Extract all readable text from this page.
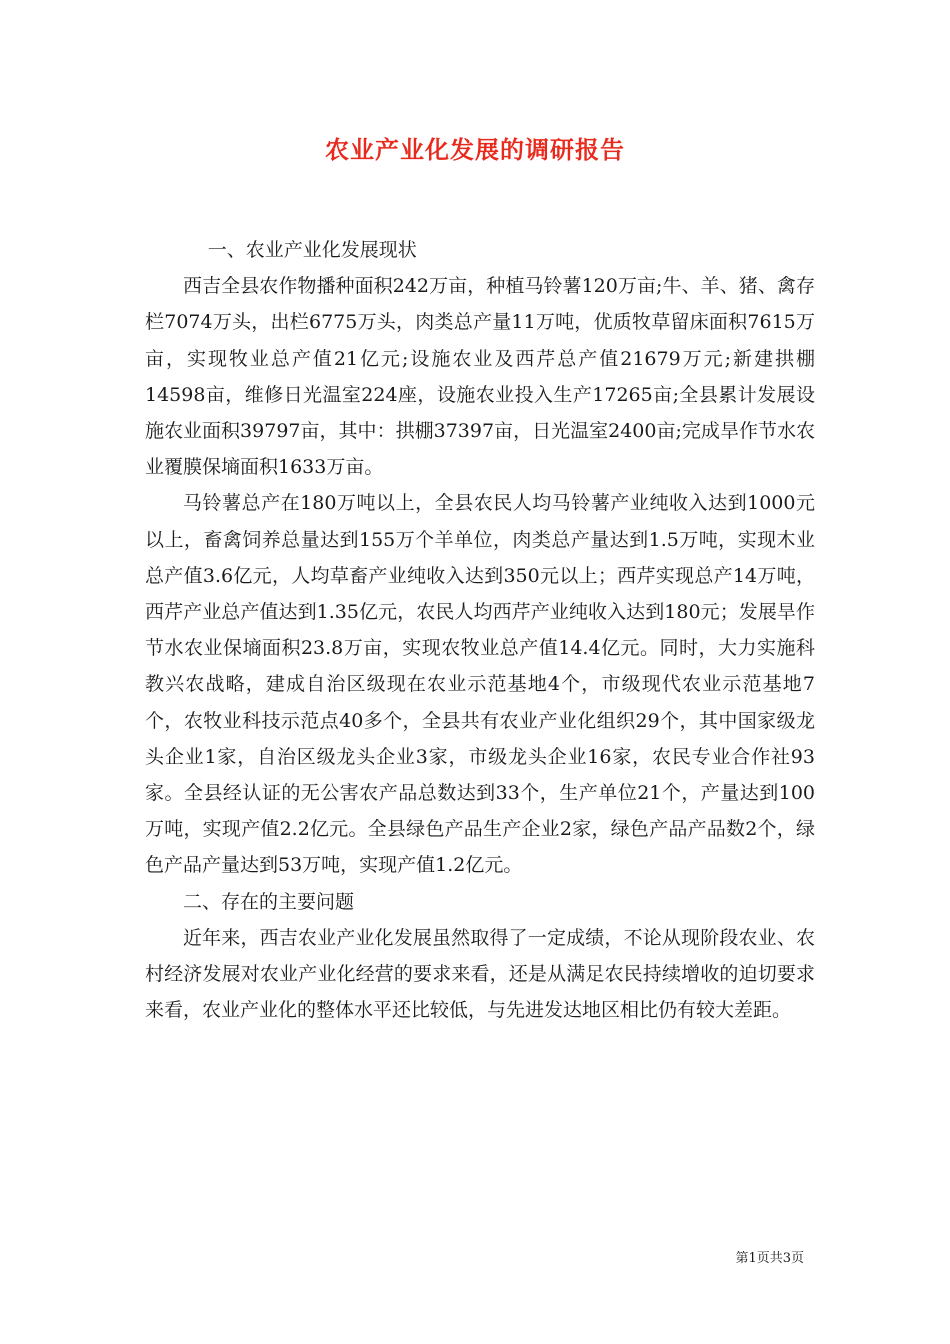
农业产业化发展的调研报告

一、农业产业化发展现状

西吉全县农作物播种面积242万亩，种植马铃薯120万亩;牛、羊、猪、禽存栏7074万头，出栏6775万头，肉类总产量11万吨，优质牧草留床面积7615万亩，实现牧业总产值21亿元;设施农业及西芹总产值21679万元;新建拱棚14598亩，维修日光温室224座，设施农业投入生产17265亩;全县累计发展设施农业面积39797亩，其中：拱棚37397亩，日光温室2400亩;完成旱作节水农业覆膜保墒面积1633万亩。

马铃薯总产在180万吨以上，全县农民人均马铃薯产业纯收入达到1000元以上，畜禽饲养总量达到155万个羊单位，肉类总产量达到1.5万吨，实现木业总产值3.6亿元，人均草畜产业纯收入达到350元以上；西芹实现总产14万吨，西芹产业总产值达到1.35亿元，农民人均西芹产业纯收入达到180元；发展旱作节水农业保墒面积23.8万亩，实现农牧业总产值14.4亿元。同时，大力实施科教兴农战略，建成自治区级现在农业示范基地4个，市级现代农业示范基地7个，农牧业科技示范点40多个，全县共有农业产业化组织29个，其中国家级龙头企业1家，自治区级龙头企业3家，市级龙头企业16家，农民专业合作社93家。全县经认证的无公害农产品总数达到33个，生产单位21个，产量达到100万吨，实现产值2.2亿元。全县绿色产品生产企业2家，绿色产品产品数2个，绿色产品产量达到53万吨，实现产值1.2亿元。

二、存在的主要问题

近年来，西吉农业产业化发展虽然取得了一定成绩，不论从现阶段农业、农村经济发展对农业产业化经营的要求来看，还是从满足农民持续增收的迫切要求来看，农业产业化的整体水平还比较低，与先进发达地区相比仍有较大差距。

第1页共3页
